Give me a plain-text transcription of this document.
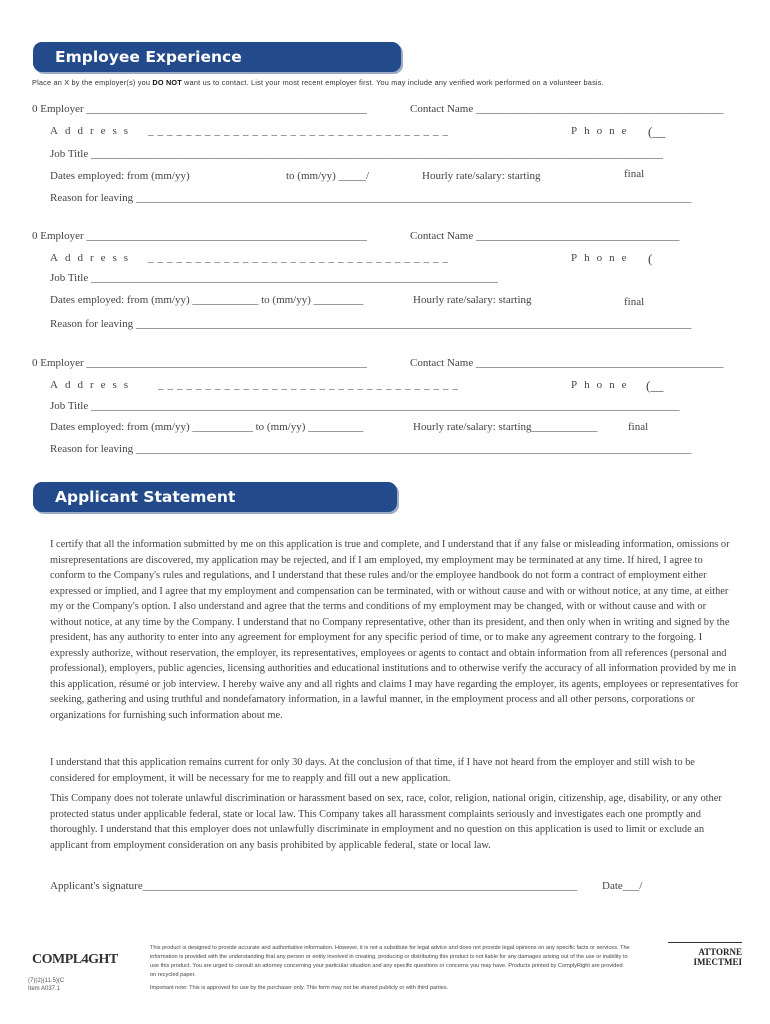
Employee Experience
Place an X by the employer(s) you DO NOT want us to contact. List your most recent employer first. You may include any verified work performed on a volunteer basis.
0 Employer ___________________________________________________	Contact Name _____________________________________________
Address ________________________________	Phone (__
Job Title ________________________________________________________________________________________________________
Dates employed: from (mm/yy)	to (mm/yy) _____/	Hourly rate/salary: starting	final
Reason for leaving _____________________________________________________________________________________________________
0 Employer ___________________________________________________	Contact Name _____________________________________
Address ________________________________	Phone (
Job Title __________________________________________________________________________
Dates employed: from (mm/yy) ____________ to (mm/yy) _________	Hourly rate/salary: starting	final
Reason for leaving _____________________________________________________________________________________________________
0 Employer ___________________________________________________	Contact Name _____________________________________________
Address ________________________________	Phone (__
Job Title ___________________________________________________________________________________________________________
Dates employed: from (mm/yy) ___________ to (mm/yy) __________	Hourly rate/salary: starting____________	final
Reason for leaving _____________________________________________________________________________________________________
Applicant Statement

I certify that all the information submitted by me on this application is true and complete, and I understand that if any false or misleading information, omissions or misrepresentations are discovered, my application may be rejected, and if I am employed, my employment may be terminated at any time. If hired, I agree to conform to the Company's rules and regulations, and I understand that these rules and/or the employee handbook do not form a contract of employment either expressed or implied, and I agree that my employment and compensation can be terminated, with or without cause and with or without notice, at any time, at either my or the Company's option. I also understand and agree that the terms and conditions of my employment may be changed, with or without cause and with or without notice, at any time by the Company. I understand that no Company representative, other than its president, and then only when in writing and signed by the president, has any authority to enter into any agreement for employment for any specific period of time, or to make any agreement contrary to the forgoing. I expressly authorize, without reservation, the employer, its representatives, employees or agents to contact and obtain information from all references (personal and professional), employers, public agencies, licensing authorities and educational institutions and to otherwise verify the accuracy of all information provided by me in this application, résumé or job interview. I hereby waive any and all rights and claims I may have regarding the employer, its agents, employees or representatives for seeking, gathering and using truthful and nondefamatory information, in a lawful manner, in the employment process and all other persons, corporations or organizations for furnishing such information about me.

I understand that this application remains current for only 30 days. At the conclusion of that time, if I have not heard from the employer and still wish to be considered for employment, it will be necessary for me to reapply and fill out a new application.

This Company does not tolerate unlawful discrimination or harassment based on sex, race, color, religion, national origin, citizenship, age, disability, or any other protected status under applicable federal, state or local law. This Company takes all harassment complaints seriously and investigates each one promptly and thoroughly. I understand that this employer does not unlawfully discriminate in employment and no question on this application is used to limit or exclude an applicant from employment consideration on any basis prohibited by applicable federal, state or local law.

Applicant's signature_______________________________________________________________________________ Date___/
COMPL4GHT
(7)(2)(11.5)(C
Item A037.1

This product is designed to provide accurate and authoritative information. However, it is not a substitute for legal advice and does not provide legal opinions on any specific facts or services. The information is provided with the understanding that any person or entity involved in creating, producing or distributing this product is not liable for any damages arising out of the use or inability to use this product. You are urged to consult an attorney concerning your particular situation and any specific questions or concerns you may have. Products printed by ComplyRight are provided on recycled paper.

Important note: This is approved for use by the purchaser only. This form may not be shared publicly or with third parties.

ATTORNE
IMECTMEI
